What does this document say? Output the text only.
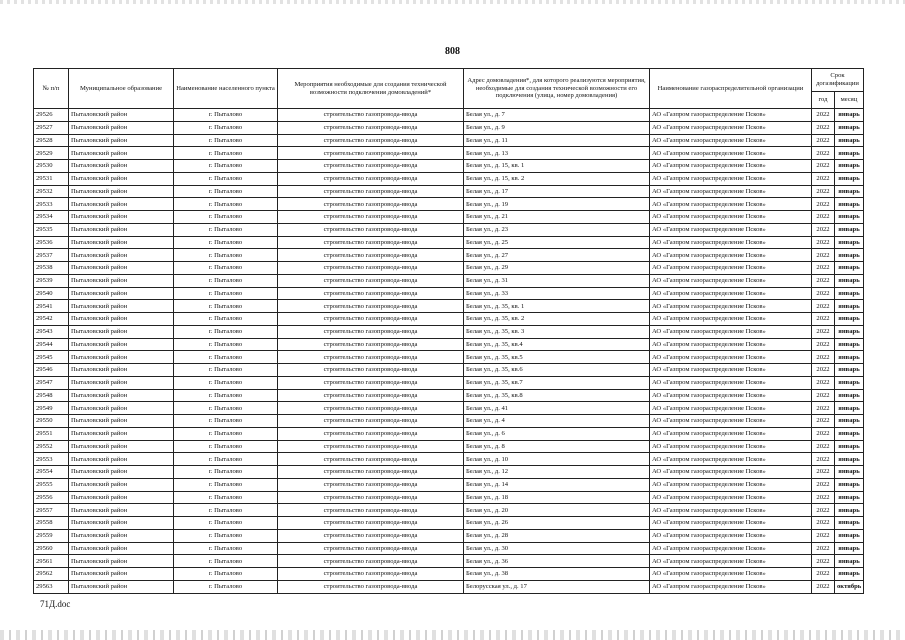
808
№ п/п	Муниципальное образование	Наименование населенного пункта	Мероприятия необходимые для создания технической возможности подключения домовладений*	Адрес домовладения*, для которого реализуются мероприятия, необходимые для создания технической возможности его подключения (улица, номер домовладения)	Наименование газораспределительной организации	Срок догазификации	
						год	месяц
29526	Пыталовский район	г. Пыталово	строительство газопровода-ввода	Белая ул., д. 7	АО «Газпром газораспределение Псков»	2022	январь
29527	Пыталовский район	г. Пыталово	строительство газопровода-ввода	Белая ул., д. 9	АО «Газпром газораспределение Псков»	2022	январь
29528	Пыталовский район	г. Пыталово	строительство газопровода-ввода	Белая ул., д. 11	АО «Газпром газораспределение Псков»	2022	январь
29529	Пыталовский район	г. Пыталово	строительство газопровода-ввода	Белая ул., д. 13	АО «Газпром газораспределение Псков»	2022	январь
29530	Пыталовский район	г. Пыталово	строительство газопровода-ввода	Белая ул., д. 15, кв. 1	АО «Газпром газораспределение Псков»	2022	январь
29531	Пыталовский район	г. Пыталово	строительство газопровода-ввода	Белая ул., д. 15, кв. 2	АО «Газпром газораспределение Псков»	2022	январь
29532	Пыталовский район	г. Пыталово	строительство газопровода-ввода	Белая ул., д. 17	АО «Газпром газораспределение Псков»	2022	январь
29533	Пыталовский район	г. Пыталово	строительство газопровода-ввода	Белая ул., д. 19	АО «Газпром газораспределение Псков»	2022	январь
29534	Пыталовский район	г. Пыталово	строительство газопровода-ввода	Белая ул., д. 21	АО «Газпром газораспределение Псков»	2022	январь
29535	Пыталовский район	г. Пыталово	строительство газопровода-ввода	Белая ул., д. 23	АО «Газпром газораспределение Псков»	2022	январь
29536	Пыталовский район	г. Пыталово	строительство газопровода-ввода	Белая ул., д. 25	АО «Газпром газораспределение Псков»	2022	январь
29537	Пыталовский район	г. Пыталово	строительство газопровода-ввода	Белая ул., д. 27	АО «Газпром газораспределение Псков»	2022	январь
29538	Пыталовский район	г. Пыталово	строительство газопровода-ввода	Белая ул., д. 29	АО «Газпром газораспределение Псков»	2022	январь
29539	Пыталовский район	г. Пыталово	строительство газопровода-ввода	Белая ул., д. 31	АО «Газпром газораспределение Псков»	2022	январь
29540	Пыталовский район	г. Пыталово	строительство газопровода-ввода	Белая ул., д. 33	АО «Газпром газораспределение Псков»	2022	январь
29541	Пыталовский район	г. Пыталово	строительство газопровода-ввода	Белая ул., д. 35, кв. 1	АО «Газпром газораспределение Псков»	2022	январь
29542	Пыталовский район	г. Пыталово	строительство газопровода-ввода	Белая ул., д. 35, кв. 2	АО «Газпром газораспределение Псков»	2022	январь
29543	Пыталовский район	г. Пыталово	строительство газопровода-ввода	Белая ул., д. 35, кв. 3	АО «Газпром газораспределение Псков»	2022	январь
29544	Пыталовский район	г. Пыталово	строительство газопровода-ввода	Белая ул., д. 35, кв.4	АО «Газпром газораспределение Псков»	2022	январь
29545	Пыталовский район	г. Пыталово	строительство газопровода-ввода	Белая ул., д. 35, кв.5	АО «Газпром газораспределение Псков»	2022	январь
29546	Пыталовский район	г. Пыталово	строительство газопровода-ввода	Белая ул., д. 35, кв.6	АО «Газпром газораспределение Псков»	2022	январь
29547	Пыталовский район	г. Пыталово	строительство газопровода-ввода	Белая ул., д. 35, кв.7	АО «Газпром газораспределение Псков»	2022	январь
29548	Пыталовский район	г. Пыталово	строительство газопровода-ввода	Белая ул., д. 35, кв.8	АО «Газпром газораспределение Псков»	2022	январь
29549	Пыталовский район	г. Пыталово	строительство газопровода-ввода	Белая ул., д. 41	АО «Газпром газораспределение Псков»	2022	январь
29550	Пыталовский район	г. Пыталово	строительство газопровода-ввода	Белая ул., д. 4	АО «Газпром газораспределение Псков»	2022	январь
29551	Пыталовский район	г. Пыталово	строительство газопровода-ввода	Белая ул., д. 6	АО «Газпром газораспределение Псков»	2022	январь
29552	Пыталовский район	г. Пыталово	строительство газопровода-ввода	Белая ул., д. 8	АО «Газпром газораспределение Псков»	2022	январь
29553	Пыталовский район	г. Пыталово	строительство газопровода-ввода	Белая ул., д. 10	АО «Газпром газораспределение Псков»	2022	январь
29554	Пыталовский район	г. Пыталово	строительство газопровода-ввода	Белая ул., д. 12	АО «Газпром газораспределение Псков»	2022	январь
29555	Пыталовский район	г. Пыталово	строительство газопровода-ввода	Белая ул., д. 14	АО «Газпром газораспределение Псков»	2022	январь
29556	Пыталовский район	г. Пыталово	строительство газопровода-ввода	Белая ул., д. 18	АО «Газпром газораспределение Псков»	2022	январь
29557	Пыталовский район	г. Пыталово	строительство газопровода-ввода	Белая ул., д. 20	АО «Газпром газораспределение Псков»	2022	январь
29558	Пыталовский район	г. Пыталово	строительство газопровода-ввода	Белая ул., д. 26	АО «Газпром газораспределение Псков»	2022	январь
29559	Пыталовский район	г. Пыталово	строительство газопровода-ввода	Белая ул., д. 28	АО «Газпром газораспределение Псков»	2022	январь
29560	Пыталовский район	г. Пыталово	строительство газопровода-ввода	Белая ул., д. 30	АО «Газпром газораспределение Псков»	2022	январь
29561	Пыталовский район	г. Пыталово	строительство газопровода-ввода	Белая ул., д. 36	АО «Газпром газораспределение Псков»	2022	январь
29562	Пыталовский район	г. Пыталово	строительство газопровода-ввода	Белая ул., д. 38	АО «Газпром газораспределение Псков»	2022	январь
29563	Пыталовский район	г. Пыталово	строительство газопровода-ввода	Белорусская ул., д. 17	АО «Газпром газораспределение Псков»	2022	октябрь
71Д.doc
